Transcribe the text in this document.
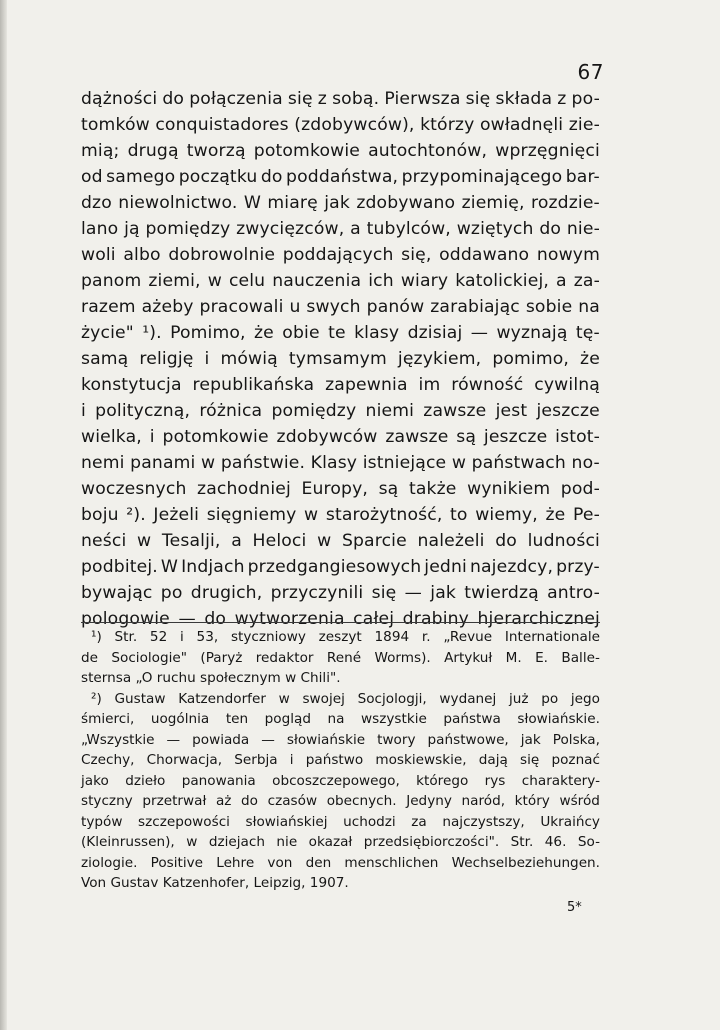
67
dążności do połączenia się z sobą. Pierwsza się składa z po-
tomków conquistadores (zdobywców), którzy owładnęli zie-
mią; drugą tworzą potomkowie autochtonów, wprzęgnięci
od samego początku do poddaństwa, przypominającego bar-
dzo niewolnictwo. W miarę jak zdobywano ziemię, rozdzie-
lano ją pomiędzy zwycięzców, a tubylców, wziętych do nie-
woli albo dobrowolnie poddających się, oddawano nowym
panom ziemi, w celu nauczenia ich wiary katolickiej, a za-
razem ażeby pracowali u swych panów zarabiając sobie na
życie" ¹). Pomimo, że obie te klasy dzisiaj — wyznają tę-
samą religję i mówią tymsamym językiem, pomimo, że
konstytucja republikańska zapewnia im równość cywilną
i polityczną, różnica pomiędzy niemi zawsze jest jeszcze
wielka, i potomkowie zdobywców zawsze są jeszcze istot-
nemi panami w państwie. Klasy istniejące w państwach no-
woczesnych zachodniej Europy, są także wynikiem pod-
boju ²). Jeżeli sięgniemy w starożytność, to wiemy, że Pe-
neści w Tesalji, a Heloci w Sparcie należeli do ludności
podbitej. W Indjach przedgangiesowych jedni najezdcy, przy-
bywając po drugich, przyczynili się — jak twierdzą antro-
pologowie — do wytworzenia całej drabiny hjerarchicznej
¹) Str. 52 i 53, styczniowy zeszyt 1894 r. „Revue Internationale
de Sociologie" (Paryż redaktor René Worms). Artykuł M. E. Balle-
sternsa „O ruchu społecznym w Chili".
²) Gustaw Katzendorfer w swojej Socjologji, wydanej już po jego
śmierci, uogólnia ten pogląd na wszystkie państwa słowiańskie.
„Wszystkie — powiada — słowiańskie twory państwowe, jak Polska,
Czechy, Chorwacja, Serbja i państwo moskiewskie, dają się poznać
jako dzieło panowania obcoszczepowego, którego rys charaktery-
styczny przetrwał aż do czasów obecnych. Jedyny naród, który wśród
typów szczepowości słowiańskiej uchodzi za najczystszy, Ukraińcy
(Kleinrussen), w dziejach nie okazał przedsiębiorczości". Str. 46. So-
ziologie. Positive Lehre von den menschlichen Wechselbeziehungen.
Von Gustav Katzenhofer, Leipzig, 1907.
5*
